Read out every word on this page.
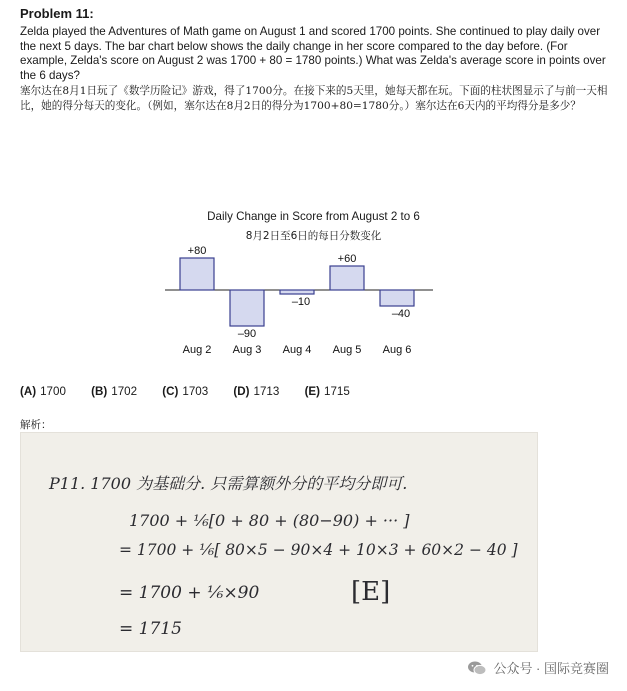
Problem 11:

Zelda played the Adventures of Math game on August 1 and scored 1700 points. She continued to play daily over the next 5 days. The bar chart below shows the daily change in her score compared to the day before. (For example, Zelda's score on August 2 was 1700 + 80 = 1780 points.) What was Zelda's average score in points over the 6 days?

塞尔达在8月1日玩了《数学历险记》游戏，得了1700分。在接下来的5天里，她每天都在玩。下面的柱状图显示了与前一天相比，她的得分每天的变化。（例如，塞尔达在8月2日的得分为1700+80=1780分。）塞尔达在6天内的平均得分是多少？

Daily Change in Score from August 2 to 6
8月2日至6日的每日分数变化
+80
Aug 2
–90
Aug 3
–10
Aug 4
+60
Aug 5
–40
Aug 6
(A) 1700 (B) 1702 (C) 1703 (D) 1713 (E) 1715
解析：
P11. 1700 为基础分. 只需算额外分的平均分即可.
1700 + ⅙[0 + 80 + (80−90) + ··· ]
= 1700 + ⅙[ 80×5 − 90×4 + 10×3 + 60×2 − 40 ]
= 1700 + ⅙×90	[E]
= 1715
公众号 · 国际竞赛圈
